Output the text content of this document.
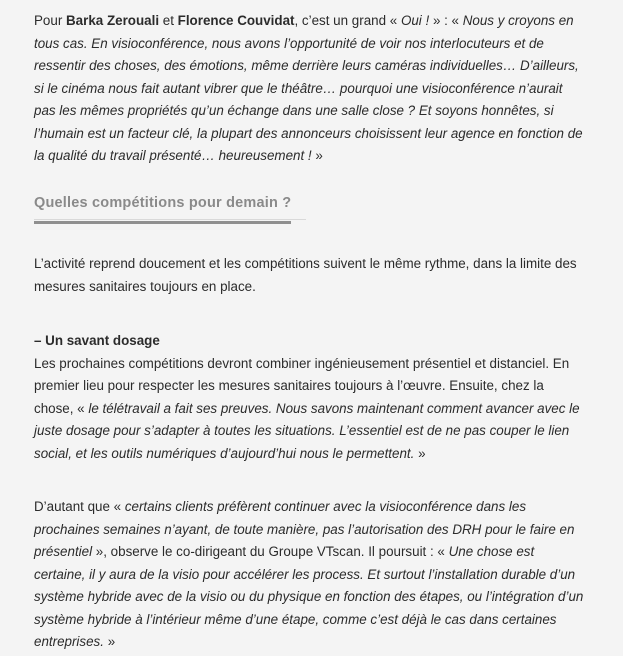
Pour Barka Zerouali et Florence Couvidat, c’est un grand « Oui ! » : « Nous y croyons en tous cas. En visioconférence, nous avons l’opportunité de voir nos interlocuteurs et de ressentir des choses, des émotions, même derrière leurs caméras individuelles… D’ailleurs, si le cinéma nous fait autant vibrer que le théâtre… pourquoi une visioconférence n’aurait pas les mêmes propriétés qu’un échange dans une salle close ? Et soyons honnêtes, si l’humain est un facteur clé, la plupart des annonceurs choisissent leur agence en fonction de la qualité du travail présenté… heureusement ! »

Quelles compétitions pour demain ?

L’activité reprend doucement et les compétitions suivent le même rythme, dans la limite des mesures sanitaires toujours en place.

– Un savant dosage

Les prochaines compétitions devront combiner ingénieusement présentiel et distanciel. En premier lieu pour respecter les mesures sanitaires toujours à l’œuvre. Ensuite, chez la chose, « le télétravail a fait ses preuves. Nous savons maintenant comment avancer avec le juste dosage pour s’adapter à toutes les situations. L’essentiel est de ne pas couper le lien social, et les outils numériques d’aujourd’hui nous le permettent. »

D’autant que « certains clients préfèrent continuer avec la visioconférence dans les prochaines semaines n’ayant, de toute manière, pas l’autorisation des DRH pour le faire en présentiel », observe le co-dirigeant du Groupe VTscan. Il poursuit : « Une chose est certaine, il y aura de la visio pour accélérer les process. Et surtout l’installation durable d’un système hybride avec de la visio ou du physique en fonction des étapes, ou l’intégration d’un système hybride à l’intérieur même d’une étape, comme c’est déjà le cas dans certaines entreprises. »
